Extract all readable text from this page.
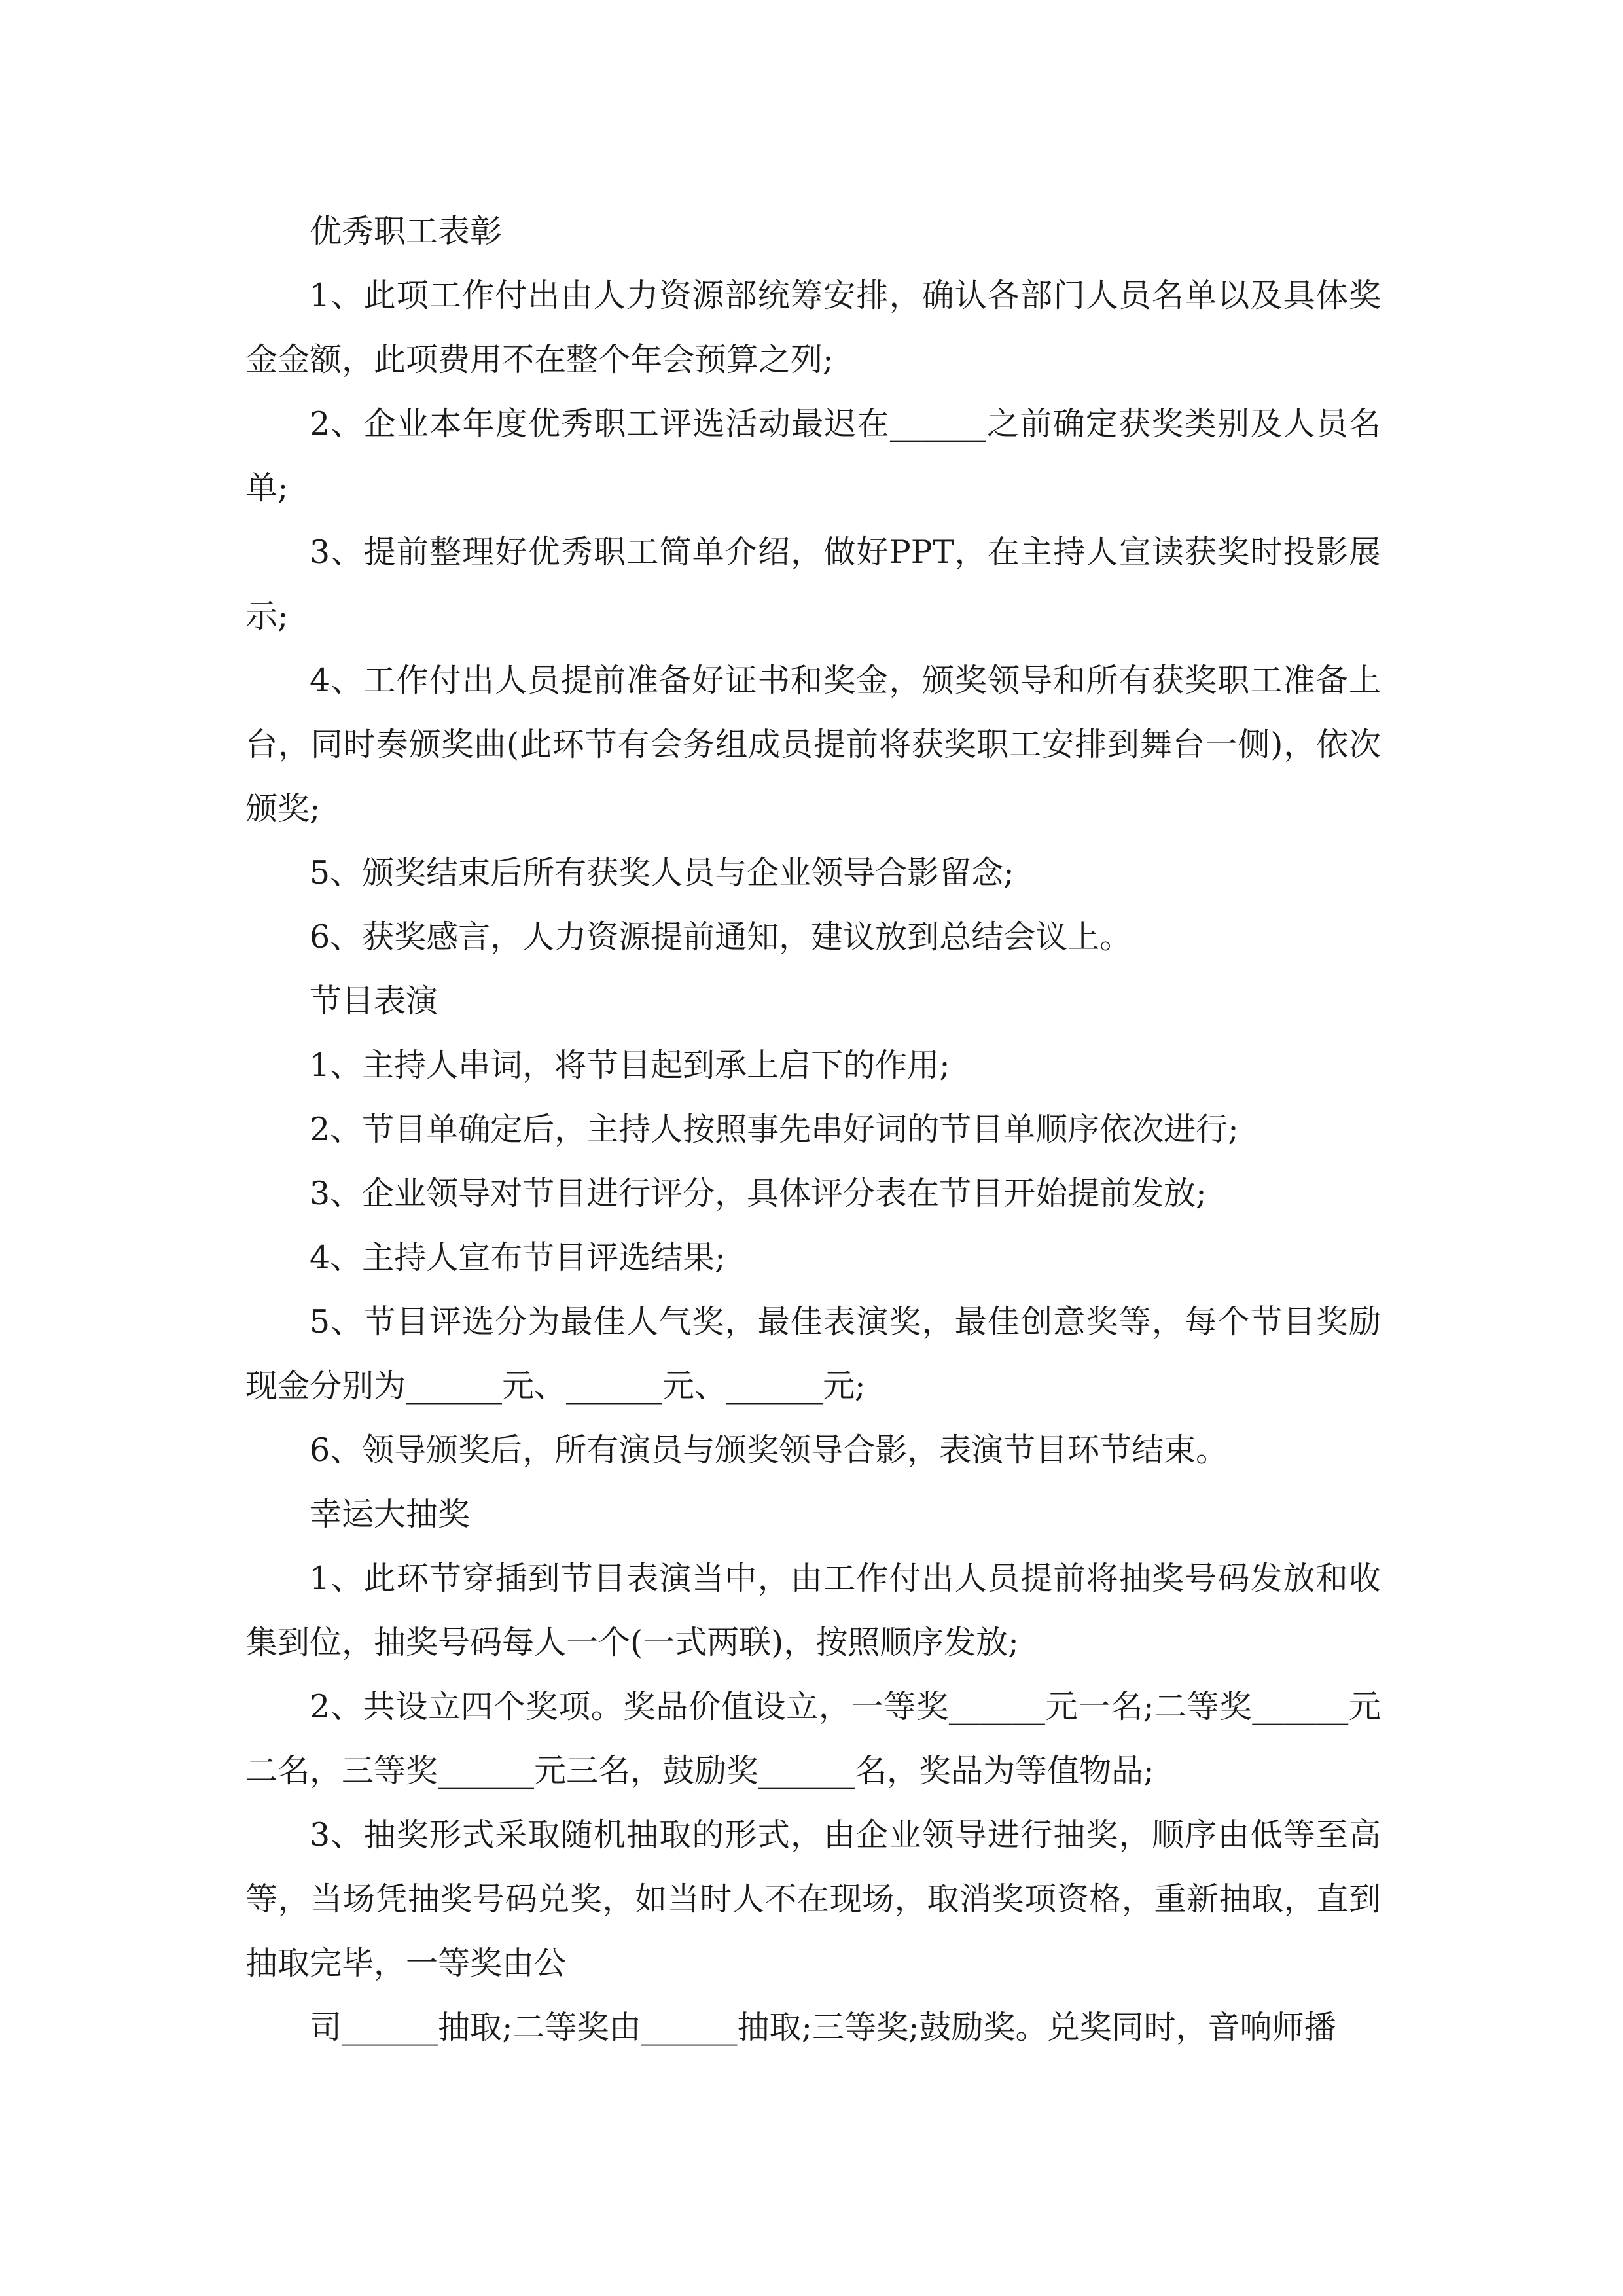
优秀职工表彰

1、此项工作付出由人力资源部统筹安排，确认各部门人员名单以及具体奖金金额，此项费用不在整个年会预算之列;

2、企业本年度优秀职工评选活动最迟在______之前确定获奖类别及人员名单;

3、提前整理好优秀职工简单介绍，做好PPT，在主持人宣读获奖时投影展示;

4、工作付出人员提前准备好证书和奖金，颁奖领导和所有获奖职工准备上台，同时奏颁奖曲(此环节有会务组成员提前将获奖职工安排到舞台一侧)，依次颁奖;

5、颁奖结束后所有获奖人员与企业领导合影留念;

6、获奖感言，人力资源提前通知，建议放到总结会议上。

节目表演

1、主持人串词，将节目起到承上启下的作用;

2、节目单确定后，主持人按照事先串好词的节目单顺序依次进行;

3、企业领导对节目进行评分，具体评分表在节目开始提前发放;

4、主持人宣布节目评选结果;

5、节目评选分为最佳人气奖，最佳表演奖，最佳创意奖等，每个节目奖励现金分别为______元、______元、______元;

6、领导颁奖后，所有演员与颁奖领导合影，表演节目环节结束。

幸运大抽奖

1、此环节穿插到节目表演当中，由工作付出人员提前将抽奖号码发放和收集到位，抽奖号码每人一个(一式两联)，按照顺序发放;

2、共设立四个奖项。奖品价值设立，一等奖______元一名;二等奖______元二名，三等奖______元三名，鼓励奖______名，奖品为等值物品;

3、抽奖形式采取随机抽取的形式，由企业领导进行抽奖，顺序由低等至高等，当场凭抽奖号码兑奖，如当时人不在现场，取消奖项资格，重新抽取，直到抽取完毕，一等奖由公

司______抽取;二等奖由______抽取;三等奖;鼓励奖。兑奖同时，音响师播
